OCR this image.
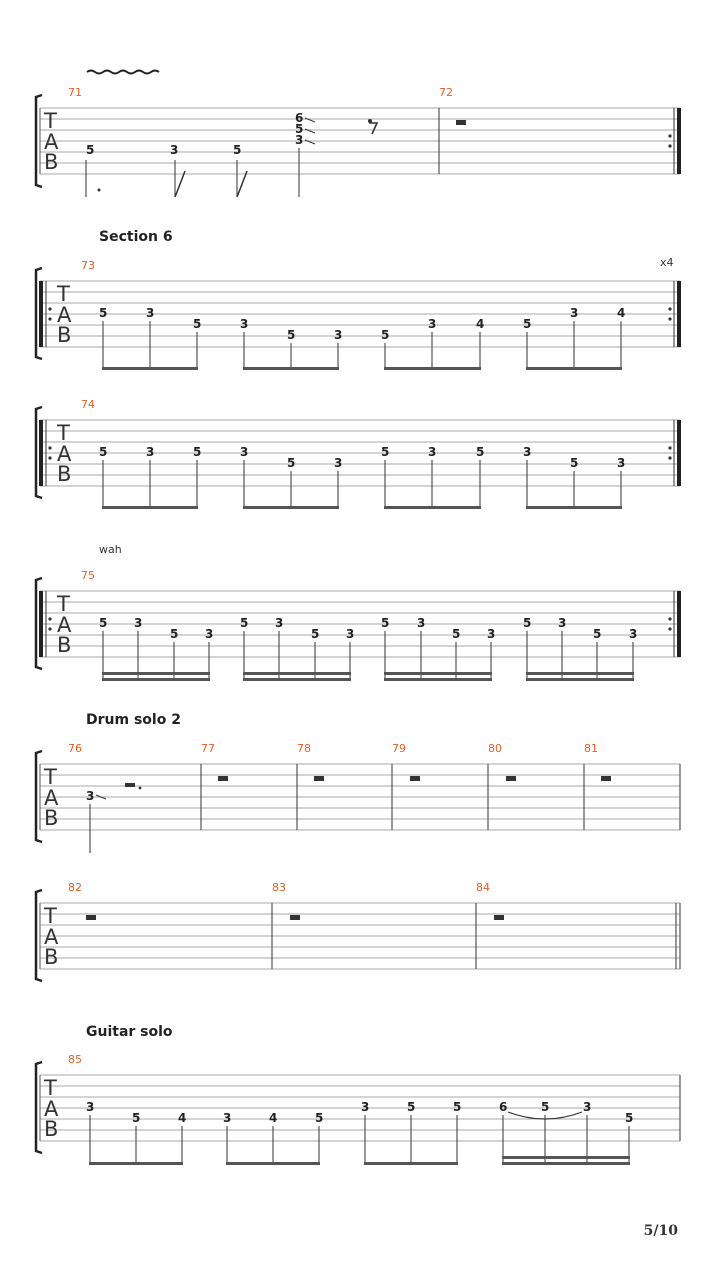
T
A
B
71	72
5	3	5
6
5
3
Section 6
x4
T
A
B
73
5	3
5	3
5	3	5
3	4	5
3	4
T
A
B
74
5	3	5	3
5	3
5	3	5	3
5	3
wah
T
A
B
75
5 3
5 3
5 3
5 3
5 3
5 3
5 3
5 3
Drum solo 2
T
A
B
76	77	78	79	80	81
3
T
A
B
82	83	84
Guitar solo
T
A
B
85
3
5	4	3	4	5
3	5	5	6	5	3
5
5/10
